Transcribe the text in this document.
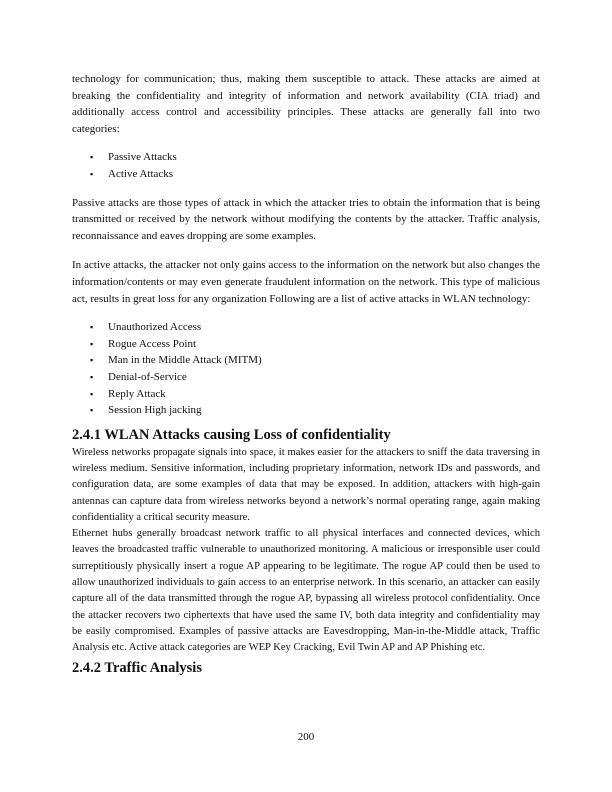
technology for communication; thus, making them susceptible to attack. These attacks are aimed at breaking the confidentiality and integrity of information and network availability (CIA triad) and additionally access control and accessibility principles. These attacks are generally fall into two categories:

▪ Passive Attacks
▪ Active Attacks

Passive attacks are those types of attack in which the attacker tries to obtain the information that is being transmitted or received by the network without modifying the contents by the attacker. Traffic analysis, reconnaissance and eaves dropping are some examples.

In active attacks, the attacker not only gains access to the information on the network but also changes the information/contents or may even generate fraudulent information on the network. This type of malicious act, results in great loss for any organization Following are a list of active attacks in WLAN technology:

▪ Unauthorized Access
▪ Rogue Access Point
▪ Man in the Middle Attack (MITM)
▪ Denial-of-Service
▪ Reply Attack
▪ Session High jacking
2.4.1 WLAN Attacks causing Loss of confidentiality

Wireless networks propagate signals into space, it makes easier for the attackers to sniff the data traversing in wireless medium. Sensitive information, including proprietary information, network IDs and passwords, and configuration data, are some examples of data that may be exposed. In addition, attackers with high-gain antennas can capture data from wireless networks beyond a network’s normal operating range, again making confidentiality a critical security measure.

Ethernet hubs generally broadcast network traffic to all physical interfaces and connected devices, which leaves the broadcasted traffic vulnerable to unauthorized monitoring. A malicious or irresponsible user could surreptitiously physically insert a rogue AP appearing to be legitimate. The rogue AP could then be used to allow unauthorized individuals to gain access to an enterprise network. In this scenario, an attacker can easily capture all of the data transmitted through the rogue AP, bypassing all wireless protocol confidentiality. Once the attacker recovers two ciphertexts that have used the same IV, both data integrity and confidentiality may be easily compromised. Examples of passive attacks are Eavesdropping, Man-in-the-Middle attack, Traffic Analysis etc. Active attack categories are WEP Key Cracking, Evil Twin AP and AP Phishing etc.

2.4.2 Traffic Analysis
200
